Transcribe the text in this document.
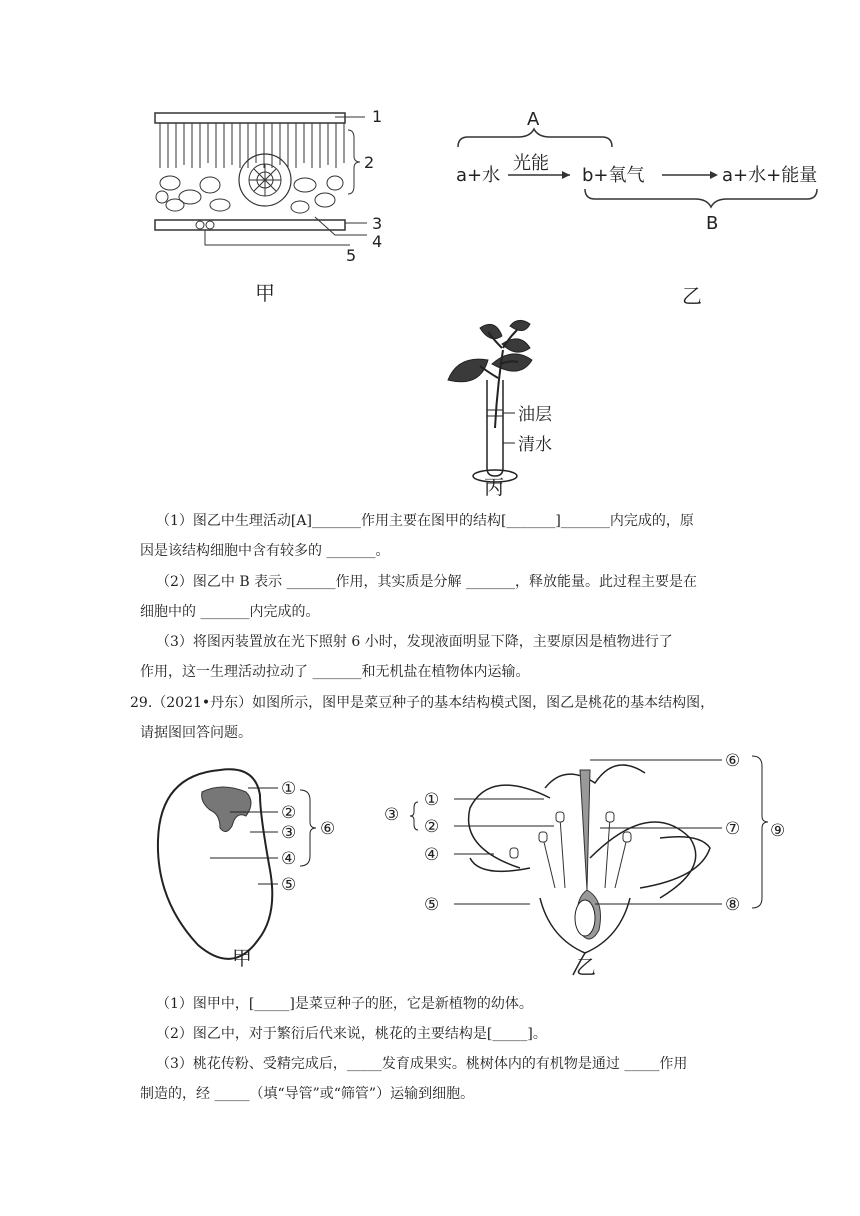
1
2
3
4
5
甲
A
a+水
光能
b+氧气	a+水+能量
B
乙
油层
清水
丙
（1）图乙中生理活动[A]_______作用主要在图甲的结构[_______]_______内完成的，原
因是该结构细胞中含有较多的 _______。
（2）图乙中 B 表示 _______作用，其实质是分解 _______，释放能量。此过程主要是在
细胞中的 _______内完成的。
（3）将图丙装置放在光下照射 6 小时，发现液面明显下降，主要原因是植物进行了
作用，这一生理活动拉动了 _______和无机盐在植物体内运输。
29.（2021•丹东）如图所示，图甲是菜豆种子的基本结构模式图，图乙是桃花的基本结构图，
请据图回答问题。
①
②
③
④
⑤
⑥
甲
③
①
②
④
⑤
⑥
⑦
⑧
⑨
乙
（1）图甲中，[_____]是菜豆种子的胚，它是新植物的幼体。
（2）图乙中，对于繁衍后代来说，桃花的主要结构是[_____]。
（3）桃花传粉、受精完成后，_____发育成果实。桃树体内的有机物是通过 _____作用
制造的，经 _____（填“导管”或“筛管”）运输到细胞。
